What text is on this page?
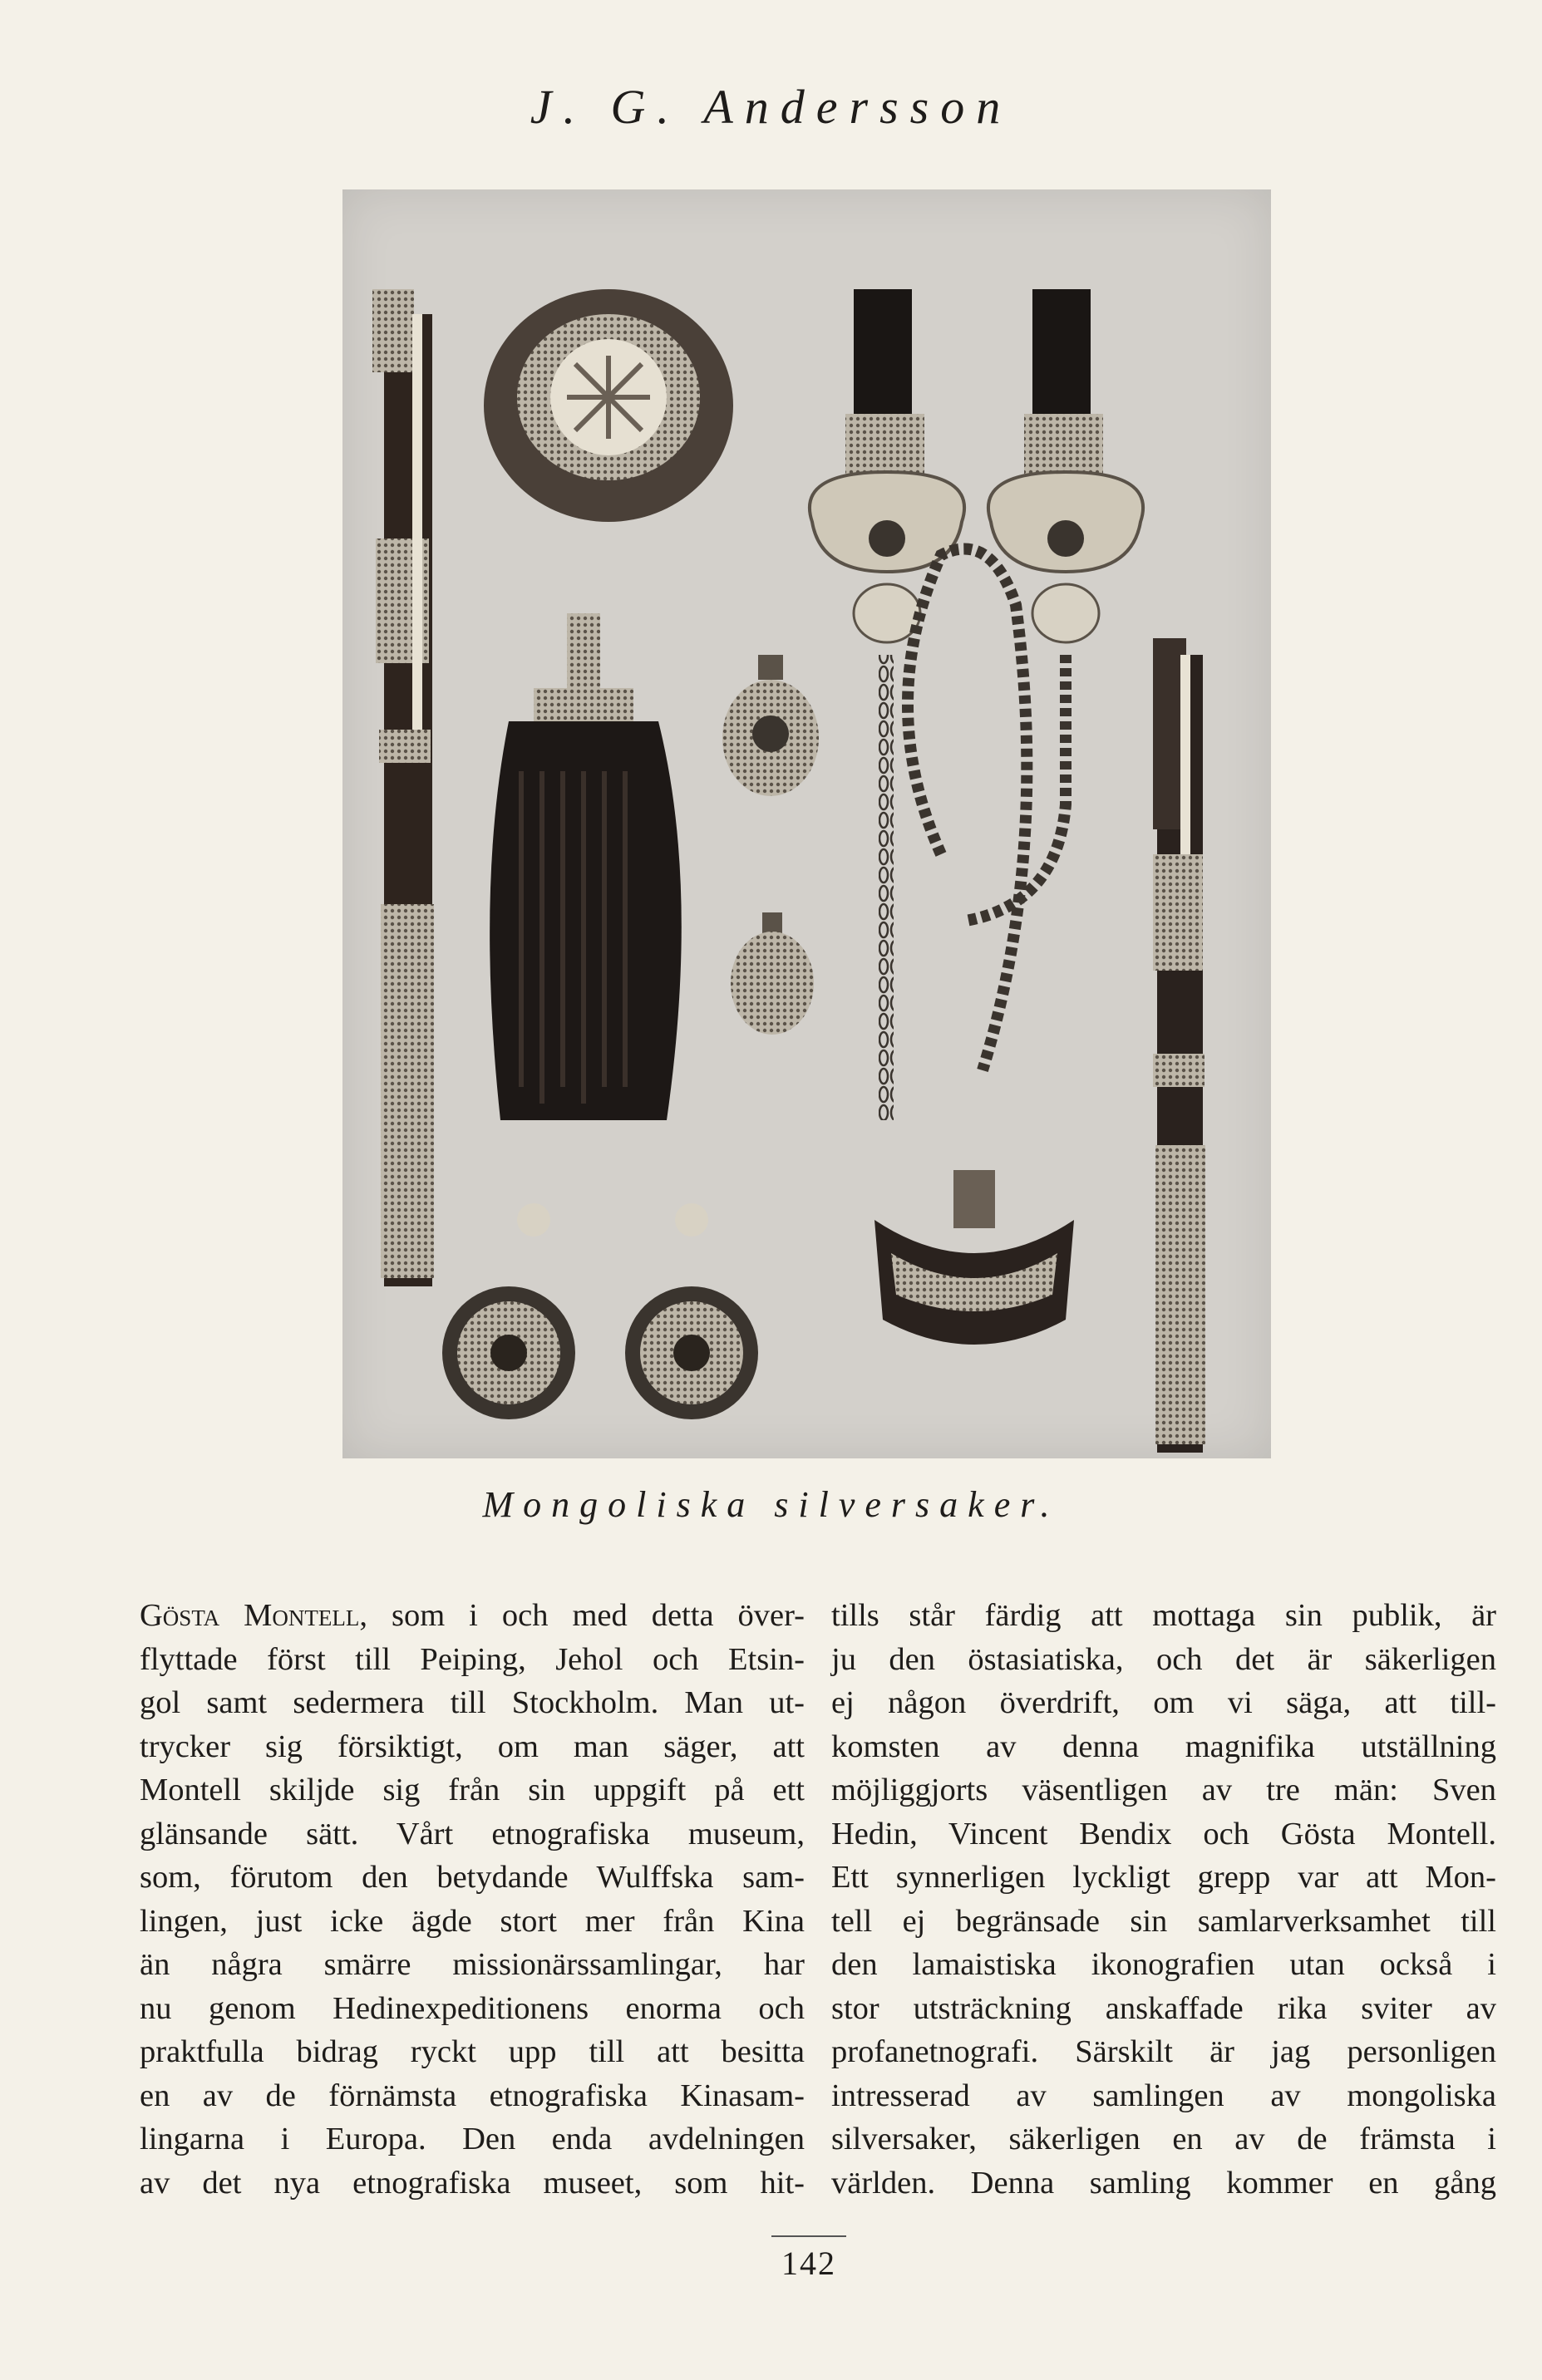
J. G. Andersson
Mongoliska silversaker.
Gösta Montell, som i och med detta över-
flyttade först till Peiping, Jehol och Etsin-
gol samt sedermera till Stockholm. Man ut-
trycker sig försiktigt, om man säger, att
Montell skiljde sig från sin uppgift på ett
glänsande sätt. Vårt etnografiska museum,
som, förutom den betydande Wulffska sam-
lingen, just icke ägde stort mer från Kina
än några smärre missionärssamlingar, har
nu genom Hedinexpeditionens enorma och
praktfulla bidrag ryckt upp till att besitta
en av de förnämsta etnografiska Kinasam-
lingarna i Europa. Den enda avdelningen
av det nya etnografiska museet, som hit-
tills står färdig att mottaga sin publik, är
ju den östasiatiska, och det är säkerligen
ej någon överdrift, om vi säga, att till-
komsten av denna magnifika utställning
möjliggjorts väsentligen av tre män: Sven
Hedin, Vincent Bendix och Gösta Montell.
Ett synnerligen lyckligt grepp var att Mon-
tell ej begränsade sin samlarverksamhet till
den lamaistiska ikonografien utan också i
stor utsträckning anskaffade rika sviter av
profanetnografi. Särskilt är jag personligen
intresserad av samlingen av mongoliska
silversaker, säkerligen en av de främsta i
världen. Denna samling kommer en gång
142
